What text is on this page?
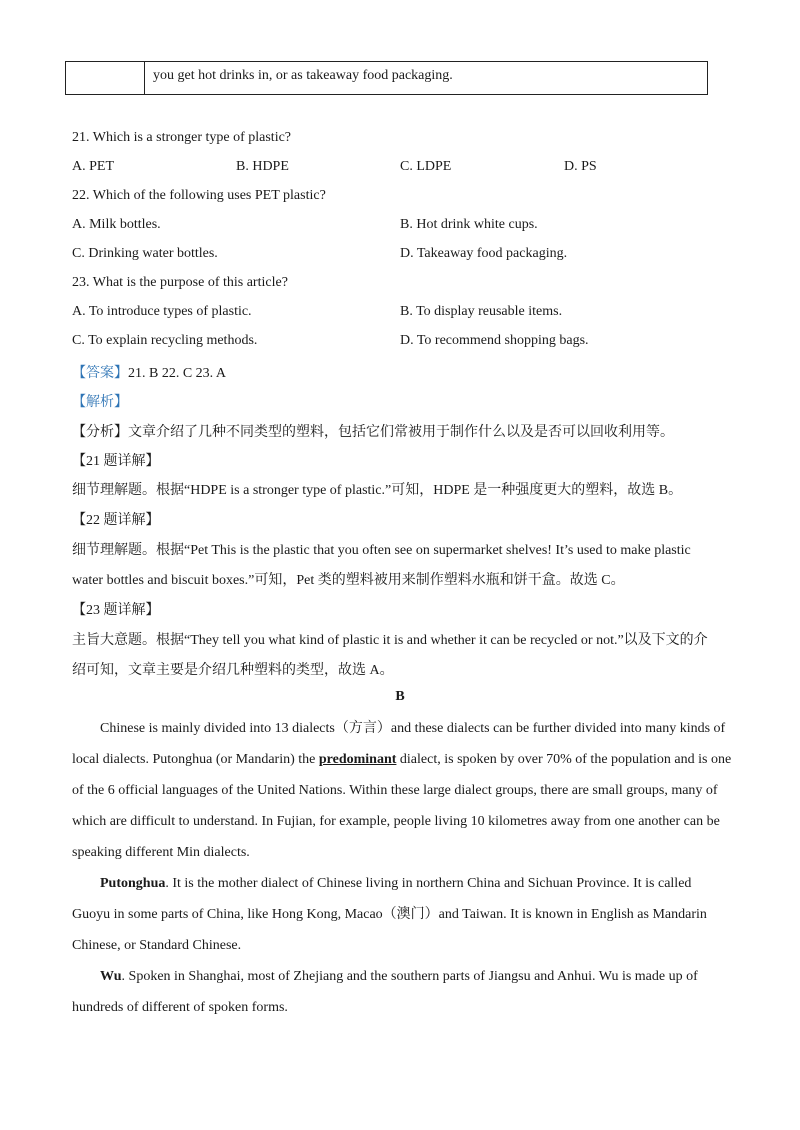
you get hot drinks in, or as takeaway food packaging.
21. Which is a stronger type of plastic?
A. PET	B. HDPE	C. LDPE	D. PS
22. Which of the following uses PET plastic?
A. Milk bottles.	B. Hot drink white cups.
C. Drinking water bottles.	D. Takeaway food packaging.
23. What is the purpose of this article?
A. To introduce types of plastic.	B. To display reusable items.
C. To explain recycling methods.	D. To recommend shopping bags.
【答案】21. B 22. C 23. A
【解析】
【分析】文章介绍了几种不同类型的塑料，包括它们常被用于制作什么以及是否可以回收利用等。
【21 题详解】
细节理解题。根据“HDPE is a stronger type of plastic.”可知，HDPE 是一种强度更大的塑料，故选 B。
【22 题详解】
细节理解题。根据“Pet This is the plastic that you often see on supermarket shelves! It’s used to make plastic
water bottles and biscuit boxes.”可知，Pet 类的塑料被用来制作塑料水瓶和饼干盒。故选 C。
【23 题详解】
主旨大意题。根据“They tell you what kind of plastic it is and whether it can be recycled or not.”以及下文的介
绍可知，文章主要是介绍几种塑料的类型，故选 A。
B

Chinese is mainly divided into 13 dialects（方言）and these dialects can be further divided into many kinds of local dialects. Putonghua (or Mandarin) the predominant dialect, is spoken by over 70% of the population and is one of the 6 official languages of the United Nations. Within these large dialect groups, there are small groups, many of which are difficult to understand. In Fujian, for example, people living 10 kilometres away from one another can be speaking different Min dialects.

Putonghua. It is the mother dialect of Chinese living in northern China and Sichuan Province. It is called Guoyu in some parts of China, like Hong Kong, Macao（澳门）and Taiwan. It is known in English as Mandarin Chinese, or Standard Chinese.

Wu. Spoken in Shanghai, most of Zhejiang and the southern parts of Jiangsu and Anhui. Wu is made up of hundreds of different of spoken forms.
